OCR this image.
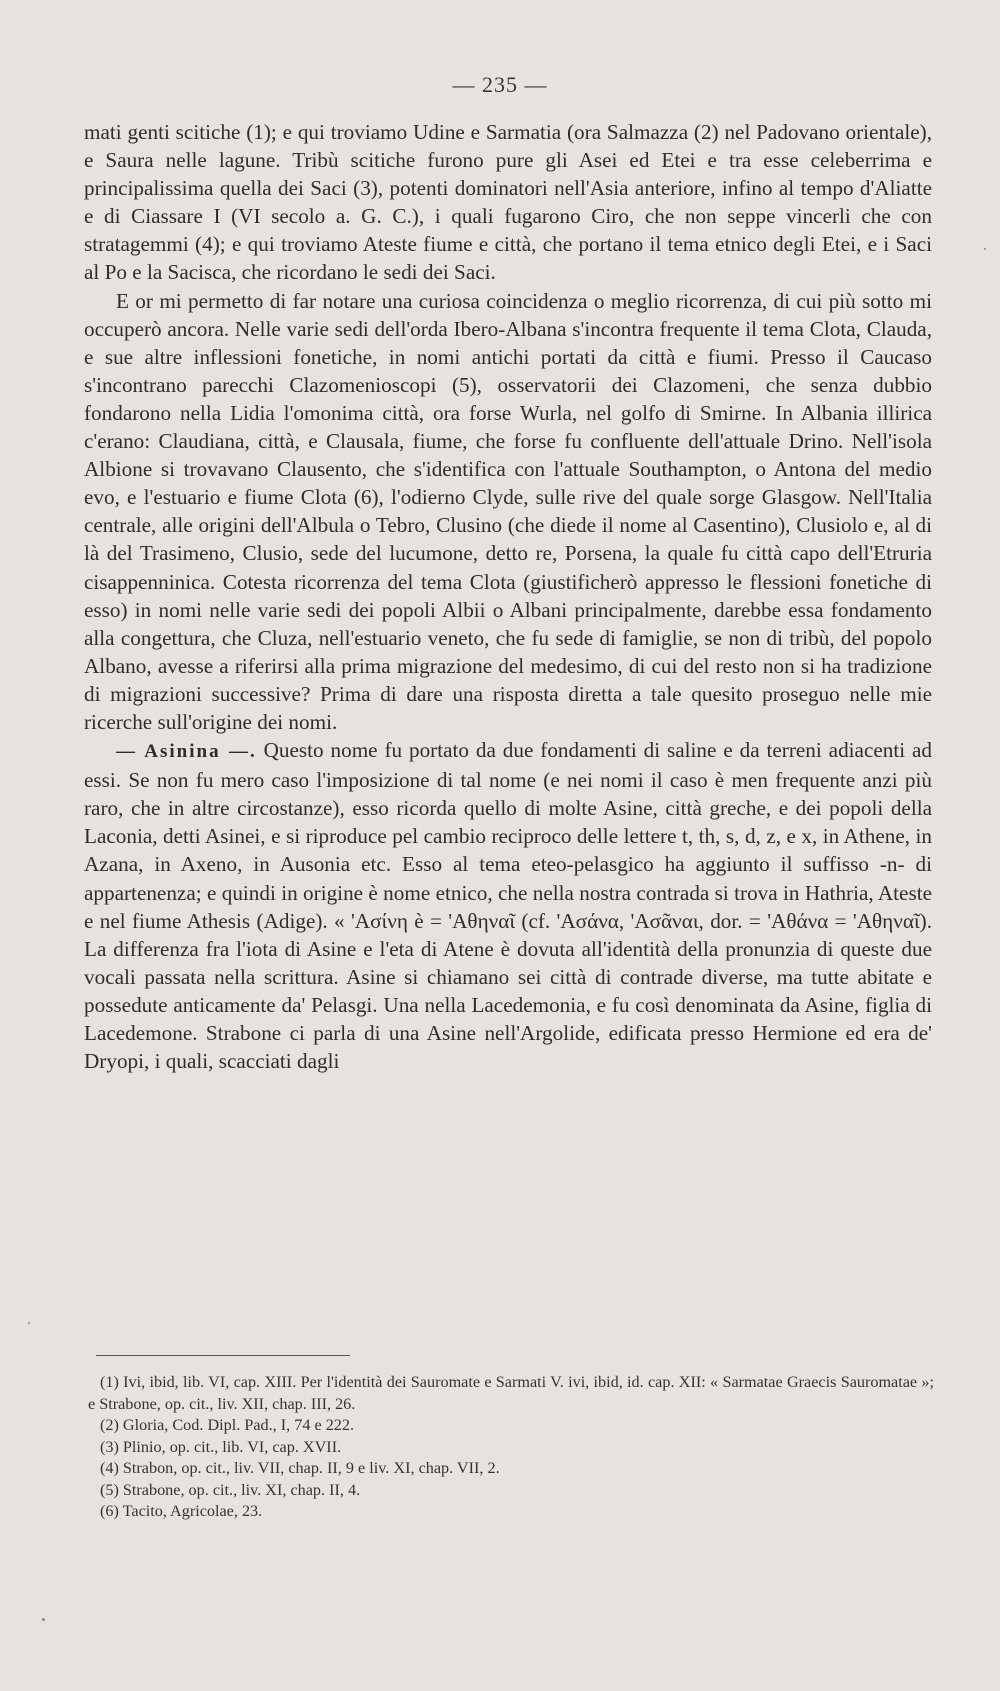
— 235 —

mati genti scitiche (1); e qui troviamo Udine e Sarmatia (ora Salmazza (2) nel Padovano orientale), e Saura nelle lagune. Tribù scitiche furono pure gli Asei ed Etei e tra esse celeberrima e principalissima quella dei Saci (3), potenti dominatori nell'Asia anteriore, infino al tempo d'Aliatte e di Ciassare I (VI secolo a. G. C.), i quali fugarono Ciro, che non seppe vincerli che con stratagemmi (4); e qui troviamo Ateste fiume e città, che portano il tema etnico degli Etei, e i Saci al Po e la Sacisca, che ricordano le sedi dei Saci.

E or mi permetto di far notare una curiosa coincidenza o meglio ricorrenza, di cui più sotto mi occuperò ancora. Nelle varie sedi dell'orda Ibero-Albana s'incontra frequente il tema Clota, Clauda, e sue altre inflessioni fonetiche, in nomi antichi portati da città e fiumi. Presso il Caucaso s'incontrano parecchi Clazomenioscopi (5), osservatorii dei Clazomeni, che senza dubbio fondarono nella Lidia l'omonima città, ora forse Wurla, nel golfo di Smirne. In Albania illirica c'erano: Claudiana, città, e Clausala, fiume, che forse fu confluente dell'attuale Drino. Nell'isola Albione si trovavano Clausento, che s'identifica con l'attuale Southampton, o Antona del medio evo, e l'estuario e fiume Clota (6), l'odierno Clyde, sulle rive del quale sorge Glasgow. Nell'Italia centrale, alle origini dell'Albula o Tebro, Clusino (che diede il nome al Casentino), Clusiolo e, al di là del Trasimeno, Clusio, sede del lucumone, detto re, Porsena, la quale fu città capo dell'Etruria cisappenninica. Cotesta ricorrenza del tema Clota (giustificherò appresso le flessioni fonetiche di esso) in nomi nelle varie sedi dei popoli Albii o Albani principalmente, darebbe essa fondamento alla congettura, che Cluza, nell'estuario veneto, che fu sede di famiglie, se non di tribù, del popolo Albano, avesse a riferirsi alla prima migrazione del medesimo, di cui del resto non si ha tradizione di migrazioni successive? Prima di dare una risposta diretta a tale quesito proseguo nelle mie ricerche sull'origine dei nomi.

— Asinina —. Questo nome fu portato da due fondamenti di saline e da terreni adiacenti ad essi. Se non fu mero caso l'imposizione di tal nome (e nei nomi il caso è men frequente anzi più raro, che in altre circostanze), esso ricorda quello di molte Asine, città greche, e dei popoli della Laconia, detti Asinei, e si riproduce pel cambio reciproco delle lettere t, th, s, d, z, e x, in Athene, in Azana, in Axeno, in Ausonia etc. Esso al tema eteo-pelasgico ha aggiunto il suffisso -n- di appartenenza; e quindi in origine è nome etnico, che nella nostra contrada si trova in Hathria, Ateste e nel fiume Athesis (Adige). « 'Ασίνη è = 'Αθηναῖ (cf. 'Ασάνα, 'Ασᾶναι, dor. = 'Αθάνα = 'Αθηναῖ). La differenza fra l'iota di Asine e l'eta di Atene è dovuta all'identità della pronunzia di queste due vocali passata nella scrittura. Asine si chiamano sei città di contrade diverse, ma tutte abitate e possedute anticamente da' Pelasgi. Una nella Lacedemonia, e fu così denominata da Asine, figlia di Lacedemone. Strabone ci parla di una Asine nell'Argolide, edificata presso Hermione ed era de' Dryopi, i quali, scacciati dagli

(1) Ivi, ibid, lib. VI, cap. XIII. Per l'identità dei Sauromate e Sarmati V. ivi, ibid, id. cap. XII: « Sarmatae Graecis Sauromatae »; e Strabone, op. cit., liv. XII, chap. III, 26.

(2) Gloria, Cod. Dipl. Pad., I, 74 e 222.

(3) Plinio, op. cit., lib. VI, cap. XVII.

(4) Strabon, op. cit., liv. VII, chap. II, 9 e liv. XI, chap. VII, 2.

(5) Strabone, op. cit., liv. XI, chap. II, 4.

(6) Tacito, Agricolae, 23.
